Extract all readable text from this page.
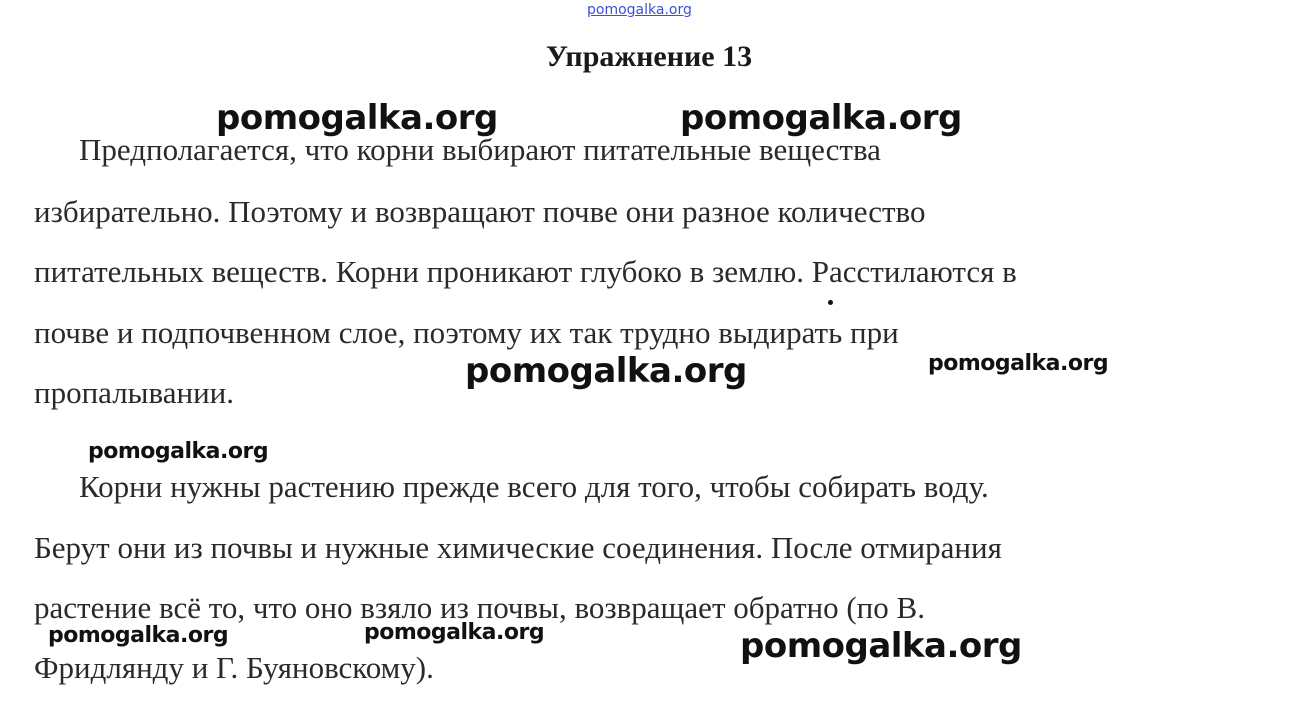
pomogalka.org
Упражнение 13
Предполагается, что корни выбирают питательные вещества
избирательно. Поэтому и возвращают почве они разное количество
питательных веществ. Корни проникают глубоко в землю. Расстилаются в
почве и подпочвенном слое, поэтому их так трудно выдирать при
пропалывании.
Корни нужны растению прежде всего для того, чтобы собирать воду.
Берут они из почвы и нужные химические соединения. После отмирания
растение всё то, что оно взяло из почвы, возвращает обратно (по В.
Фридлянду и Г. Буяновскому).
pomogalka.org	pomogalka.org
pomogalka.org	pomogalka.org
pomogalka.org
pomogalka.org	pomogalka.org	pomogalka.org
